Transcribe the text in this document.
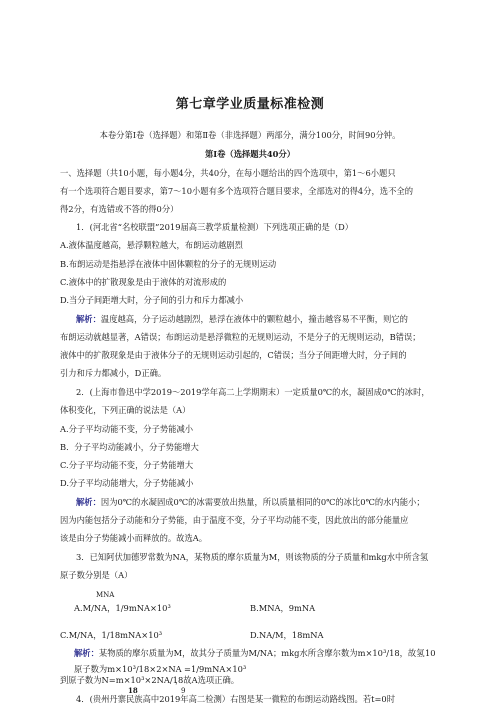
第七章学业质量标准检测
本卷分第Ⅰ卷（选择题）和第Ⅱ卷（非选择题）两部分，满分100分，时间90分钟。
第Ⅰ卷（选择题共40分）
一、选择题（共10小题，每小题4分，共40分，在每小题给出的四个选项中，第1～6小题只
有一个选项符合题目要求，第7～10小题有多个选项符合题目要求，全部选对的得4分，选不全的
得2分，有选错或不答的得0分）
1．(河北省“名校联盟”2019届高三教学质量检测）下列选项正确的是（D）
A.液体温度越高，悬浮颗粒越大，布朗运动越剧烈
B.布朗运动是指悬浮在液体中固体颗粒的分子的无规则运动
C.液体中的扩散现象是由于液体的对流形成的
D.当分子间距增大时，分子间的引力和斥力都减小
解析：温度越高，分子运动越剧烈，悬浮在液体中的颗粒越小，撞击越容易不平衡，则它的
布朗运动就越显著，A错误；布朗运动是悬浮微粒的无规则运动，不是分子的无规则运动，B错误；
液体中的扩散现象是由于液体分子的无规则运动引起的，C错误；当分子间距增大时，分子间的
引力和斥力都减小，D正确。
2．(上海市鲁迅中学2019～2019学年高二上学期期末）一定质量0℃的水，凝固成0℃的冰时，
体积变化，下列正确的说法是（A）
A.分子平均动能不变，分子势能减小
B．分子平均动能减小，分子势能增大
C.分子平均动能不变，分子势能增大
D.分子平均动能增大，分子势能减小
解析：因为0℃的水凝固成0℃的冰需要放出热量，所以质量相同的0℃的冰比0℃的水内能小；
因为内能包括分子动能和分子势能，由于温度不变，分子平均动能不变，因此放出的部分能量应
该是由分子势能减小而释放的。故选A。
3．已知阿伏加德罗常数为NA，某物质的摩尔质量为M，则该物质的分子质量和mkg水中所含氢
原子数分别是（A）
MNA
A.M/NA，1/9mNA×10³	B.MNA，9mNA
C.M/NA，1/18mNA×10³	D.NA/M，18mNA
解析：某物质的摩尔质量为M，故其分子质量为M/NA；mkg水所含摩尔数为m×10³/18，故氢 10
原子数为m×10³/18×2×NA =1/9mNA×10³
到原子数为N=m×10³×2NA/18
，故A选项正确。
18	9
4．(贵州丹寨民族高中2019年高二检测）右图是某一微粒的布朗运动路线图。若t=0时
